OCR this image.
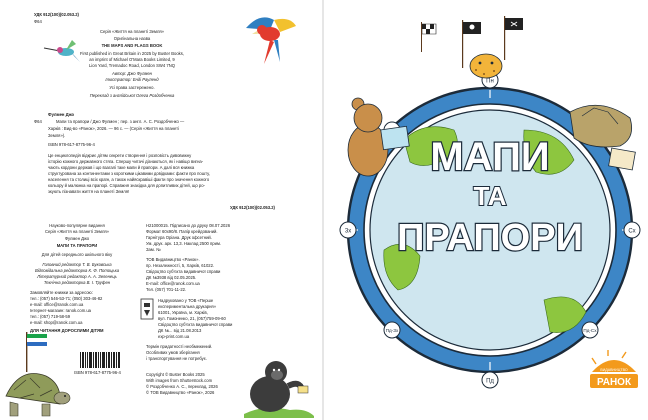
УДК 912(100)(02.053.2)

Ф64

Серія «Життя на планеті Земля»

Оригінальна назва

THE MAPS AND FLAGS BOOK

First published in Great Britain in 2025 by Buster Books,

an imprint of Michael O'Mara Books Limited, 9

Lion Yard, Tremadoc Road, London SW4 7NQ

Автор: Джо Фулмен

Ілюстратор: Енді Рауленд

Усі права застережено.

Переклад з англійської Олега Роздобченка

Фулмен Джо

Ф64	Мапи та прапори / Джо Фулмен ; пер. з англ. А. С. Роздобченко —

Харків : Вид-во «Ранок», 2026. — 96 с. — (Серія «Життя на планеті

Земля»).

ISBN 978-617-8775-96-4

Це енциклопедія відкриє дітям секрети створення і розповість дивовижну

історію кожного державного стяга. Спершу читачі дізнаються, як і навіщо вигна-

чають кордони держав і що взагалі таке мапи й прапори. А далі вся книжка

структурована за континентами з короткими цікавими довідками: факти про пошту,

населення та столиці всіх країн, а також найяскравіші факти про значення кожного

кольору й малюнка на прапорі. Справжня знахідка для допитливих дітей, що ро-

зкують пізнавати життя на планеті Земля!

УДК 912(100)(02.053.2)

Науково-популярне видання

Серія «Життя на планеті Земля»

Фулмен Джо

МАПИ ТА ПРАПОРИ

Для дітей середнього шкільного віку

Головний редактор Т. В. Буковська

Відповідальна редакторка К. Ф. Потоцька

Літературний редактор А. А. Зеленець

Технічна редакторка В. І. Труфен

Замовляйте книжки за адресою:

тел.: (057) 546-53-71; (050) 303-46-82

e-mail: office@ranok.com.ua

Інтернет-магазин: ranok.com.ua

тел.: (057) 719-58-59

e-mail: shop@ranok.com.ua

ДЛЯ ЧИТАННЯ ДОРОСЛИМИ ДІТЯМ

ISBN 978-617-8775-96-4

Н21000015. Підписано до друку 08.07.2026

Формат 60х90/8. Папір крейдований.

Гарнітура Оріана. Друк офсетний.

Ум. друк. арк. 13,3. Наклад 2500 прим.

Зам. №

ТОВ Видавництво «Ранок».

пр. Незалежності, 5, Харків, 61022.

Свідоцтво суб'єкта видавничої справи

ДК №3938 від 02.05.2025.

E-mail: office@ranok.com.ua

Тел. (057) 701-11-22.

Надруковано у ТОВ «Перше

експериментальна друкарня»

61001, Україна, м. Харків,

вул. Гомоненко, 21, (057)759-09-60

Свідоцтво суб'єкта видавничої справи

ДК №... від 21.08.2013

exp-print.com.ua

Термін придатності необмежений.

Особливих умов зберігання

і транспортування не потребує.

Copyright © Buster Books 2025

With images from Shutterstock.com

© Роздобченко А. С., переклад, 2026

© ТОВ Видавництво «Ранок», 2026

Пн
Пд
Зх	Сх
Пд-Зх	Пд-Сх
МАПИ
ТА
ПРАПОРИ
ВИДАВНИЦТВО
РАНОК
